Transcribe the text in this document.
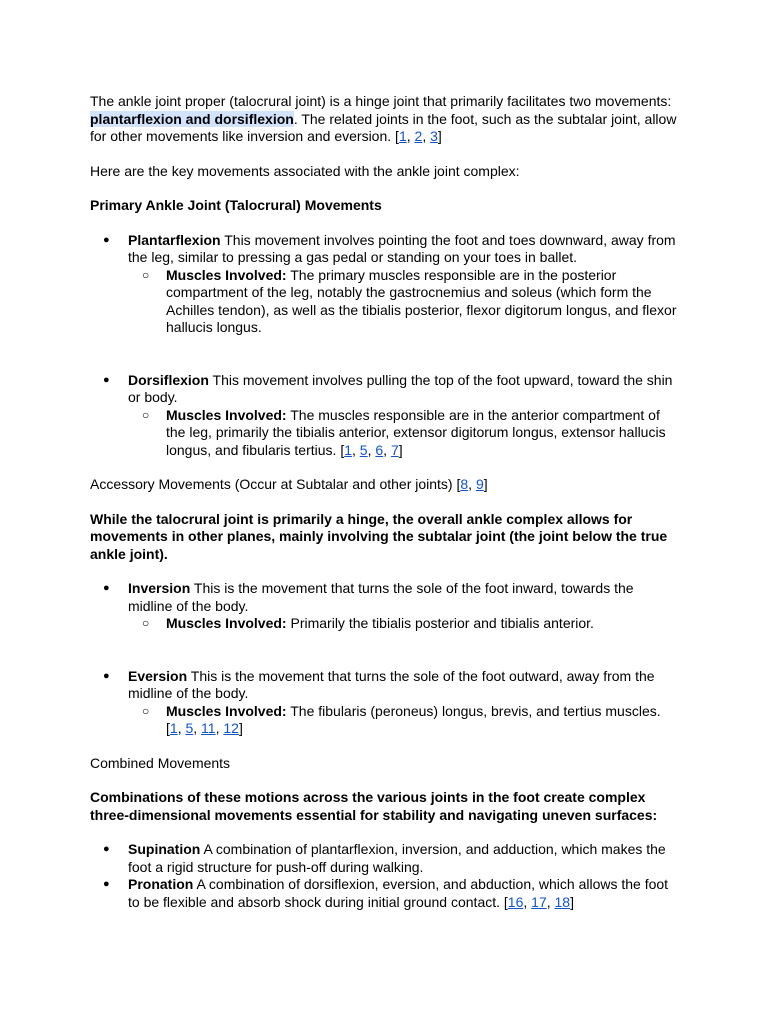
The ankle joint proper (talocrural joint) is a hinge joint that primarily facilitates two movements: plantarflexion and dorsiflexion. The related joints in the foot, such as the subtalar joint, allow for other movements like inversion and eversion. [1, 2, 3]

Here are the key movements associated with the ankle joint complex:

Primary Ankle Joint (Talocrural) Movements

● Plantarflexion This movement involves pointing the foot and toes downward, away from the leg, similar to pressing a gas pedal or standing on your toes in ballet.
○ Muscles Involved: The primary muscles responsible are in the posterior compartment of the leg, notably the gastrocnemius and soleus (which form the Achilles tendon), as well as the tibialis posterior, flexor digitorum longus, and flexor hallucis longus.
● Dorsiflexion This movement involves pulling the top of the foot upward, toward the shin or body.
○ Muscles Involved: The muscles responsible are in the anterior compartment of the leg, primarily the tibialis anterior, extensor digitorum longus, extensor hallucis longus, and fibularis tertius. [1, 5, 6, 7]

Accessory Movements (Occur at Subtalar and other joints) [8, 9]

While the talocrural joint is primarily a hinge, the overall ankle complex allows for movements in other planes, mainly involving the subtalar joint (the joint below the true ankle joint).

● Inversion This is the movement that turns the sole of the foot inward, towards the midline of the body.
○ Muscles Involved: Primarily the tibialis posterior and tibialis anterior.
● Eversion This is the movement that turns the sole of the foot outward, away from the midline of the body.
○ Muscles Involved: The fibularis (peroneus) longus, brevis, and tertius muscles. [1, 5, 11, 12]

Combined Movements

Combinations of these motions across the various joints in the foot create complex three-dimensional movements essential for stability and navigating uneven surfaces:

● Supination A combination of plantarflexion, inversion, and adduction, which makes the foot a rigid structure for push-off during walking.
● Pronation A combination of dorsiflexion, eversion, and abduction, which allows the foot to be flexible and absorb shock during initial ground contact. [16, 17, 18]
